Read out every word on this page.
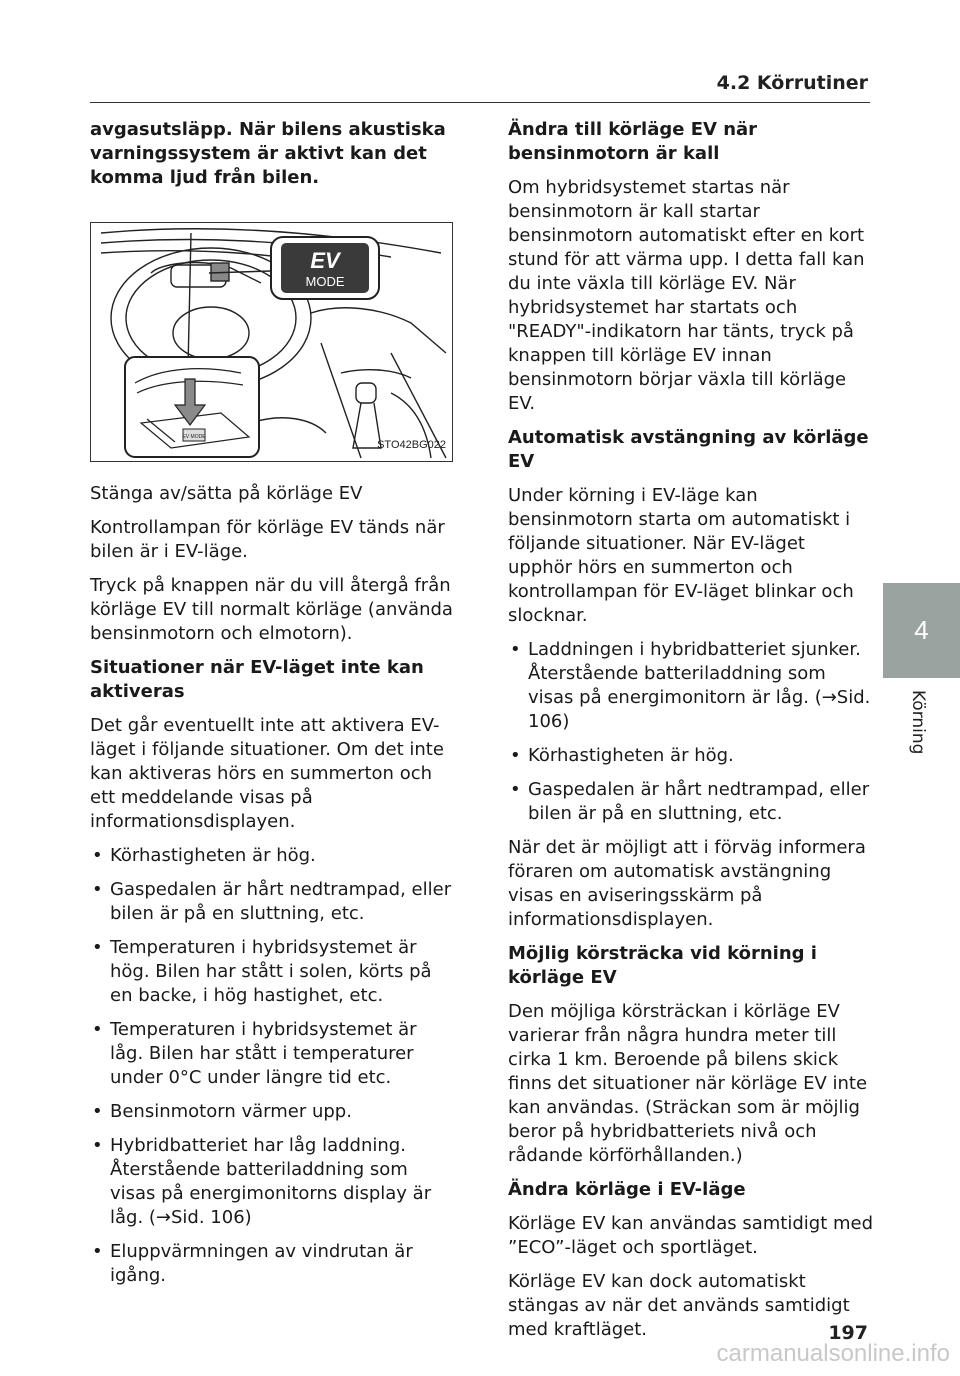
4.2 Körrutiner

avgasutsläpp. När bilens akustiska varningssystem är aktivt kan det komma ljud från bilen.

EV
MODE
EV MODE
STO42BG022

Stänga av/sätta på körläge EV

Kontrollampan för körläge EV tänds när bilen är i EV-läge.

Tryck på knappen när du vill återgå från körläge EV till normalt körläge (använda bensinmotorn och elmotorn).

Situationer när EV-läget inte kan aktiveras

Det går eventuellt inte att aktivera EV-läget i följande situationer. Om det inte kan aktiveras hörs en summerton och ett meddelande visas på informationsdisplayen.

• Körhastigheten är hög.
• Gaspedalen är hårt nedtrampad, eller bilen är på en sluttning, etc.
• Temperaturen i hybridsystemet är hög. Bilen har stått i solen, körts på en backe, i hög hastighet, etc.
• Temperaturen i hybridsystemet är låg. Bilen har stått i temperaturer under 0°C under längre tid etc.
• Bensinmotorn värmer upp.
• Hybridbatteriet har låg laddning. Återstående batteriladdning som visas på energimonitorns display är låg. (→Sid. 106)
• Eluppvärmningen av vindrutan är igång.
Ändra till körläge EV när bensinmotorn är kall

Om hybridsystemet startas när bensinmotorn är kall startar bensinmotorn automatiskt efter en kort stund för att värma upp. I detta fall kan du inte växla till körläge EV. När hybridsystemet har startats och "READY"-indikatorn har tänts, tryck på knappen till körläge EV innan bensinmotorn börjar växla till körläge EV.

Automatisk avstängning av körläge EV

Under körning i EV-läge kan bensinmotorn starta om automatiskt i följande situationer. När EV-läget upphör hörs en summerton och kontrollampan för EV-läget blinkar och slocknar.

• Laddningen i hybridbatteriet sjunker. Återstående batteriladdning som visas på energimonitorn är låg. (→Sid. 106)
• Körhastigheten är hög.
• Gaspedalen är hårt nedtrampad, eller bilen är på en sluttning, etc.

När det är möjligt att i förväg informera föraren om automatisk avstängning visas en aviseringsskärm på informationsdisplayen.

Möjlig körsträcka vid körning i körläge EV

Den möjliga körsträckan i körläge EV varierar från några hundra meter till cirka 1 km. Beroende på bilens skick finns det situationer när körläge EV inte kan användas. (Sträckan som är möjlig beror på hybridbatteriets nivå och rådande körförhållanden.)

Ändra körläge i EV-läge

Körläge EV kan användas samtidigt med ”ECO”-läget och sportläget.

Körläge EV kan dock automatiskt stängas av när det används samtidigt med kraftläget.

4
Körning
197
carmanualsonline.info
